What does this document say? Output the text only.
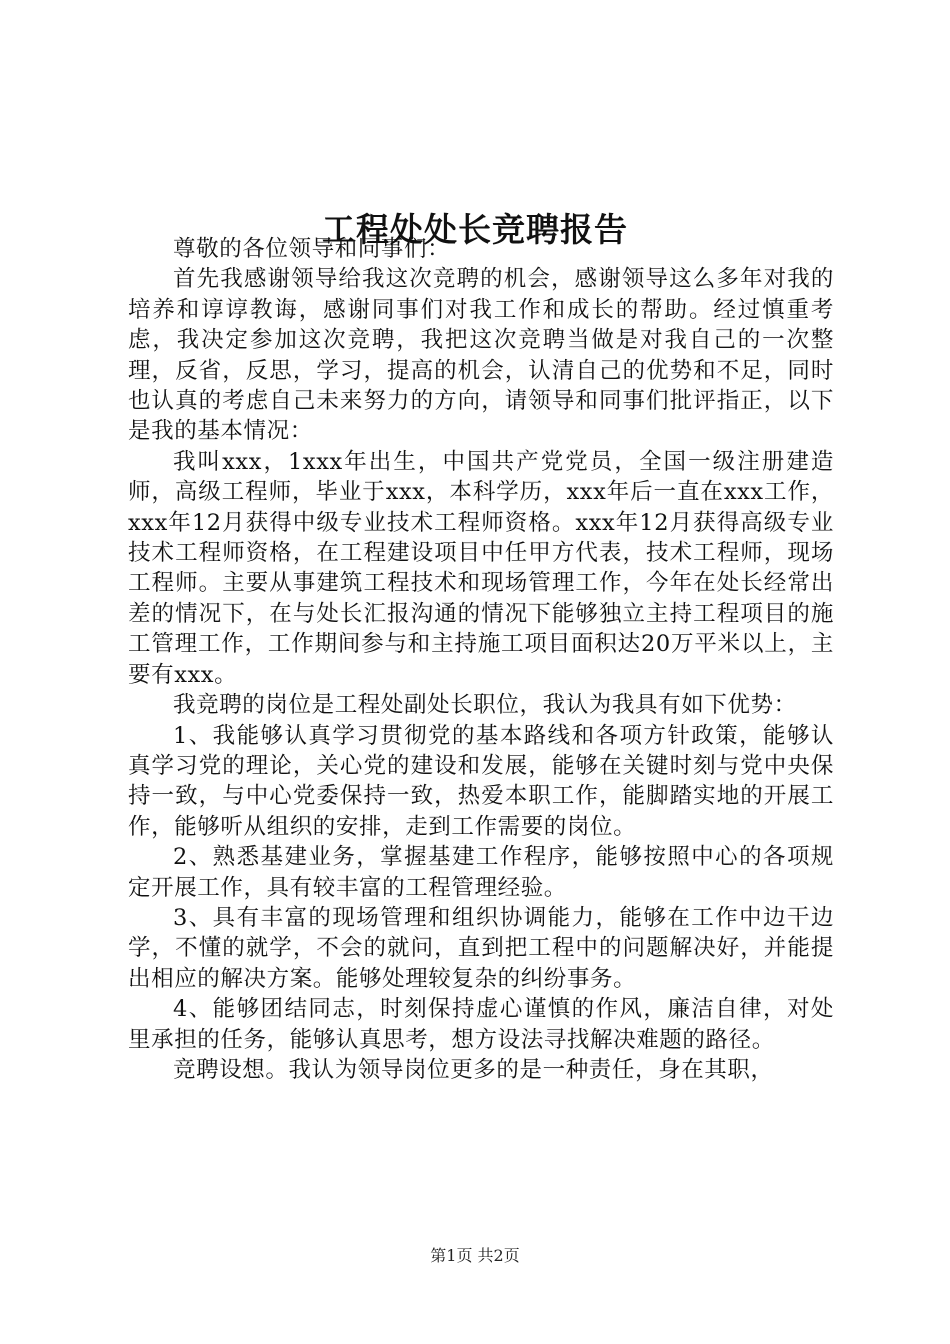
工程处处长竞聘报告

尊敬的各位领导和同事们：

首先我感谢领导给我这次竞聘的机会，感谢领导这么多年对我的培养和谆谆教诲，感谢同事们对我工作和成长的帮助。经过慎重考虑，我决定参加这次竞聘，我把这次竞聘当做是对我自己的一次整理，反省，反思，学习，提高的机会，认清自己的优势和不足，同时也认真的考虑自己未来努力的方向，请领导和同事们批评指正，以下是我的基本情况：

我叫xxx，1xxx年出生，中国共产党党员，全国一级注册建造师，高级工程师，毕业于xxx，本科学历，xxx年后一直在xxx工作，xxx年12月获得中级专业技术工程师资格。xxx年12月获得高级专业技术工程师资格，在工程建设项目中任甲方代表，技术工程师，现场工程师。主要从事建筑工程技术和现场管理工作，今年在处长经常出差的情况下，在与处长汇报沟通的情况下能够独立主持工程项目的施工管理工作，工作期间参与和主持施工项目面积达20万平米以上，主要有xxx。

我竞聘的岗位是工程处副处长职位，我认为我具有如下优势：

1、我能够认真学习贯彻党的基本路线和各项方针政策，能够认真学习党的理论，关心党的建设和发展，能够在关键时刻与党中央保持一致，与中心党委保持一致，热爱本职工作，能脚踏实地的开展工作，能够听从组织的安排，走到工作需要的岗位。

2、熟悉基建业务，掌握基建工作程序，能够按照中心的各项规定开展工作，具有较丰富的工程管理经验。

3、具有丰富的现场管理和组织协调能力，能够在工作中边干边学，不懂的就学，不会的就问，直到把工程中的问题解决好，并能提出相应的解决方案。能够处理较复杂的纠纷事务。

4、能够团结同志，时刻保持虚心谨慎的作风，廉洁自律，对处里承担的任务，能够认真思考，想方设法寻找解决难题的路径。

竞聘设想。我认为领导岗位更多的是一种责任，身在其职，

第1页 共2页
